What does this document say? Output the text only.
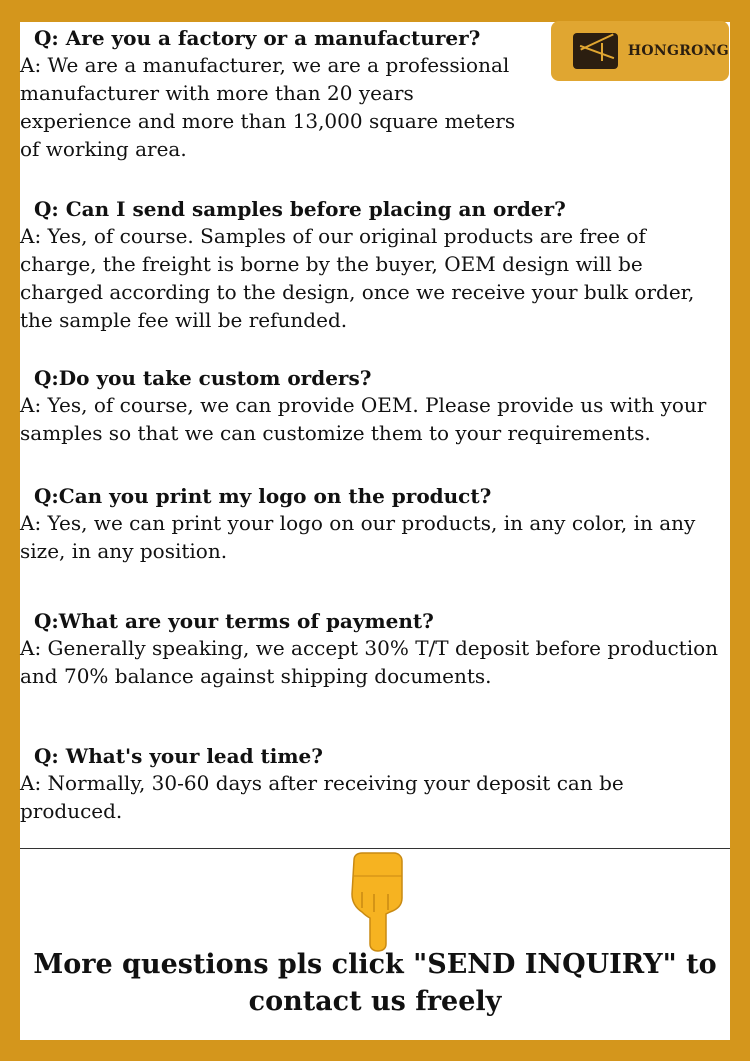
Q: Are you a factory or a manufacturer?
A: We are a manufacturer, we are a professional manufacturer with more than 20 years experience and more than 13,000 square meters of working area.
Q: Can I send samples before placing an order?
A: Yes, of course. Samples of our original products are free of charge, the freight is borne by the buyer, OEM design will be charged according to the design, once we receive your bulk order, the sample fee will be refunded.
Q:Do you take custom orders?
A: Yes, of course, we can provide OEM. Please provide us with your samples so that we can customize them to your requirements.
Q:Can you print my logo on the product?
A: Yes, we can print your logo on our products, in any color, in any size, in any position.
Q:What are your terms of payment?
A: Generally speaking, we accept 30% T/T deposit before production and 70% balance against shipping documents.
Q: What's your lead time?
A: Normally, 30-60 days after receiving your deposit can be produced.
More questions pls click "SEND INQUIRY" to contact us freely
HONGRONG
